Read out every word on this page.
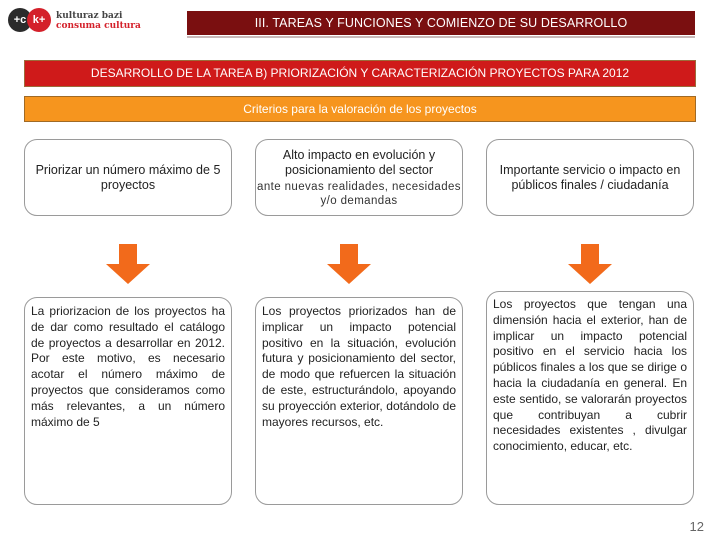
+c k+	kulturaz bazi
consuma cultura	III. TAREAS Y FUNCIONES Y COMIENZO DE SU DESARROLLO
DESARROLLO DE LA TAREA B) PRIORIZACIÓN Y CARACTERIZACIÓN PROYECTOS PARA 2012
Criterios para la valoración de los proyectos
Priorizar un número máximo de 5 proyectos
Alto impacto en evolución y posicionamiento del sector
ante nuevas realidades, necesidades y/o demandas
Importante servicio o impacto en públicos finales / ciudadanía
La priorizacion de los proyectos ha de dar como resultado el catálogo de proyectos a desarrollar en 2012. Por este motivo, es necesario acotar el número máximo de proyectos que consideramos como más relevantes, a un número máximo de 5
Los proyectos priorizados han de implicar un impacto potencial positivo en la situación, evolución futura y posicionamiento del sector, de modo que refuercen la situación de este, estructurándolo, apoyando su proyección exterior, dotándolo de mayores recursos, etc.
Los proyectos que tengan una dimensión hacia el exterior, han de implicar un impacto potencial positivo en el servicio hacia los públicos finales a los que se dirige o hacia la ciudadanía en general. En este sentido, se valorarán proyectos que contribuyan a cubrir necesidades existentes , divulgar conocimiento, educar, etc.
12
